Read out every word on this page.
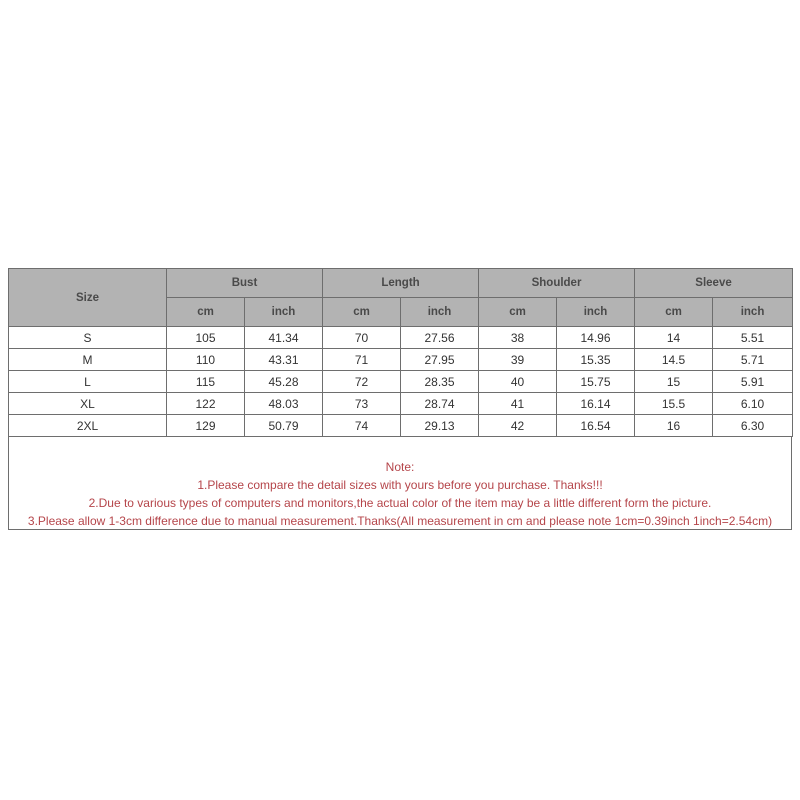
Size	Bust		Length		Shoulder		Sleeve	
	cm	inch	cm	inch	cm	inch	cm	inch
S	105	41.34	70	27.56	38	14.96	14	5.51
M	110	43.31	71	27.95	39	15.35	14.5	5.71
L	115	45.28	72	28.35	40	15.75	15	5.91
XL	122	48.03	73	28.74	41	16.14	15.5	6.10
2XL	129	50.79	74	29.13	42	16.54	16	6.30
Note:
1.Please compare the detail sizes with yours before you purchase. Thanks!!!
2.Due to various types of computers and monitors,the actual color of the item may be a little different form the picture.
3.Please allow 1-3cm difference due to manual measurement.Thanks(All measurement in cm and please note 1cm=0.39inch 1inch=2.54cm)
